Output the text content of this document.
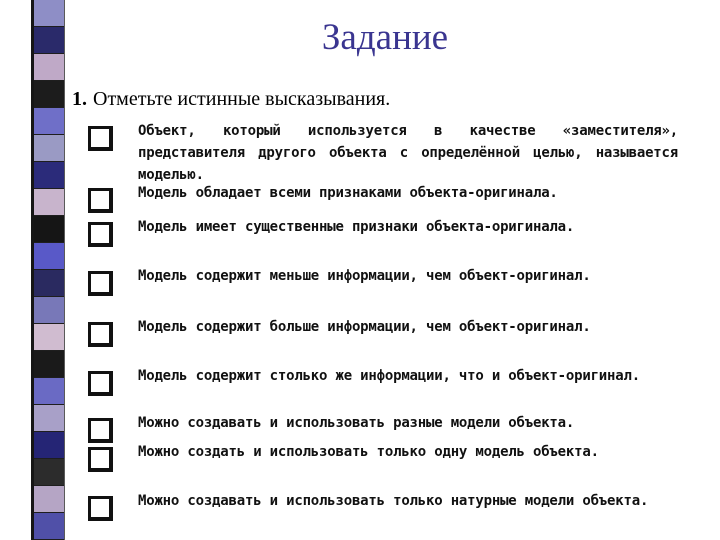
Задание
1. Отметьте истинные высказывания.
Объект, который используется в качестве «заместителя», представителя другого объекта с определённой целью, называется моделью.
Модель обладает всеми признаками объекта-оригинала.
Модель имеет существенные признаки объекта-оригинала.
Модель содержит меньше информации, чем объект-оригинал.
Модель содержит больше информации, чем объект-оригинал.
Модель содержит столько же информации, что и объект-оригинал.
Можно создавать и использовать разные модели объекта.
Можно создать и использовать только одну модель объекта.
Можно создавать и использовать только натурные модели объекта.
